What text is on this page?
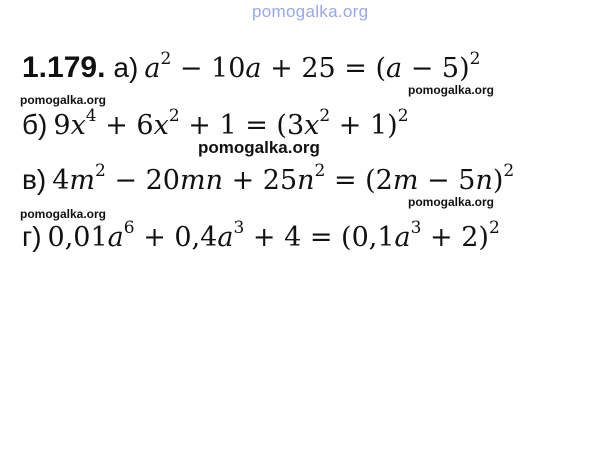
pomogalka.org
1.179. а) $a^2 - 10a + 25 = (a - 5)^2$
pomogalka.org
pomogalka.org
б) $9x^4 + 6x^2 + 1 = (3x^2 + 1)^2$
pomogalka.org
в) $4m^2 - 20mn + 25n^2 = (2m - 5n)^2$
pomogalka.org
pomogalka.org
г) $0,01a^6 + 0,4a^3 + 4 = (0,1a^3 + 2)^2$
